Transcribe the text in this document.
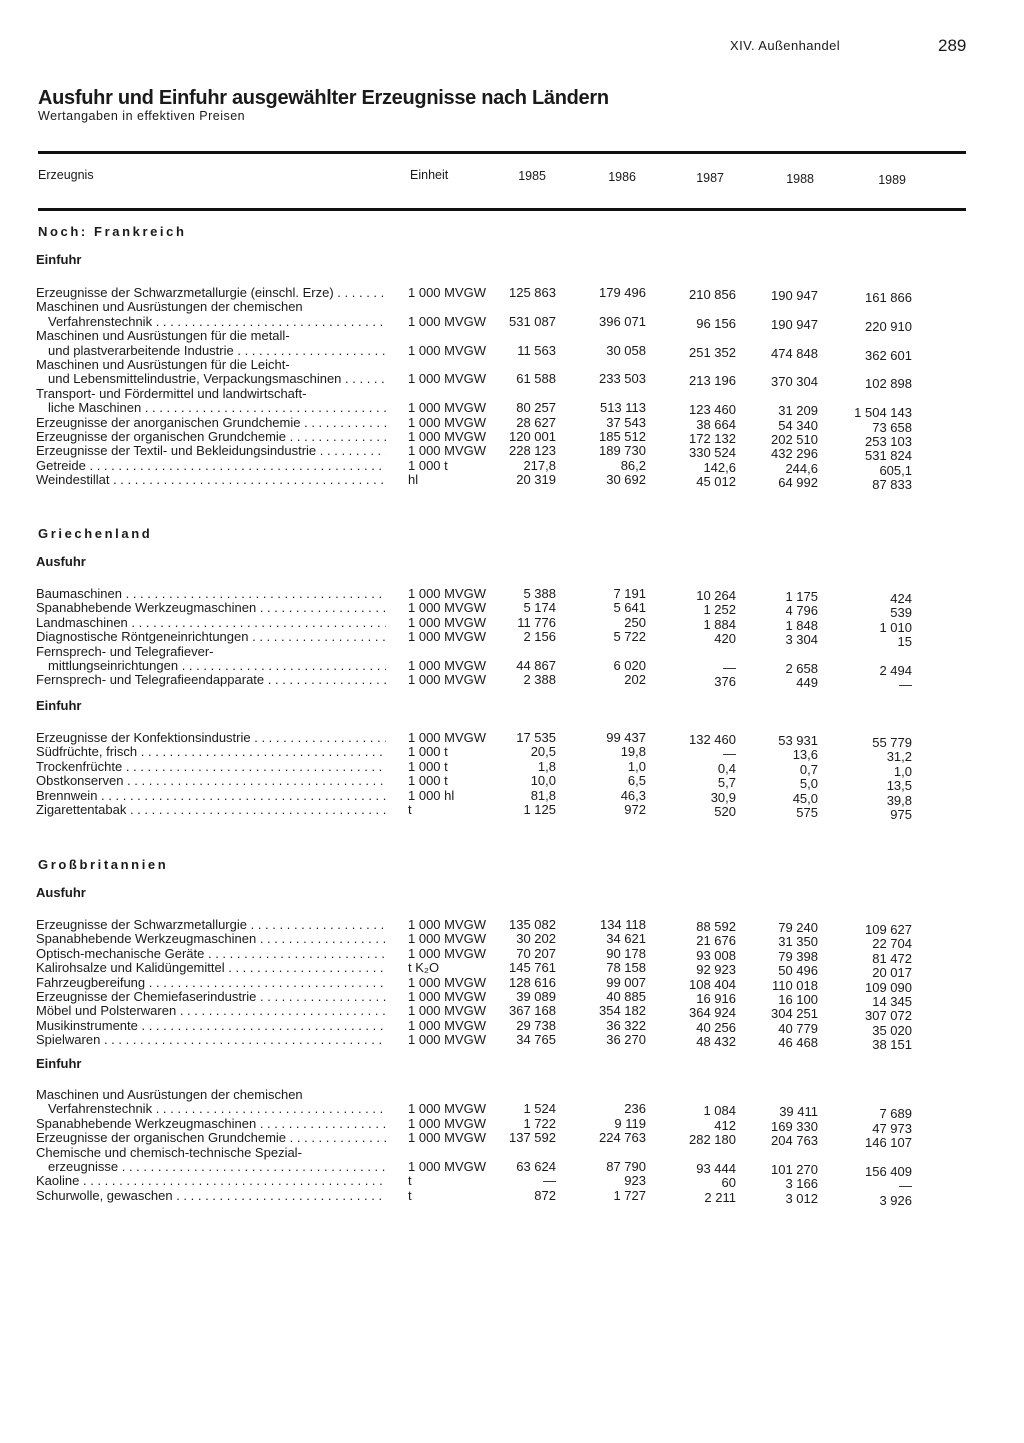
XIV. Außenhandel	289
Ausfuhr und Einfuhr ausgewählter Erzeugnisse nach Ländern
Wertangaben in effektiven Preisen
Erzeugnis	Einheit	1985	1986	1987	1988	1989
Noch: Frankreich
Einfuhr
Erzeugnisse der Schwarzmetallurgie (einschl. Erze) . . .	1 000 MVGW	125 863	179 496	210 856	190 947	161 866
Maschinen und Ausrüstungen der chemischen
Verfahrenstechnik . . .	1 000 MVGW	531 087	396 071	96 156	190 947	220 910
Maschinen und Ausrüstungen für die metall-
und plastverarbeitende Industrie . . .	1 000 MVGW	11 563	30 058	251 352	474 848	362 601
Maschinen und Ausrüstungen für die Leicht-
und Lebensmittelindustrie, Verpackungsmaschinen . . .	1 000 MVGW	61 588	233 503	213 196	370 304	102 898
Transport- und Fördermittel und landwirtschaft-
liche Maschinen . . .	1 000 MVGW	80 257	513 113	123 460	31 209	1 504 143
Erzeugnisse der anorganischen Grundchemie . . .	1 000 MVGW	28 627	37 543	38 664	54 340	73 658
Erzeugnisse der organischen Grundchemie . . .	1 000 MVGW	120 001	185 512	172 132	202 510	253 103
Erzeugnisse der Textil- und Bekleidungsindustrie . . .	1 000 MVGW	228 123	189 730	330 524	432 296	531 824
Getreide . . .	1 000 t	217,8	86,2	142,6	244,6	605,1
Weindestillat . . .	hl	20 319	30 692	45 012	64 992	87 833
Griechenland
Ausfuhr
Baumaschinen . . .	1 000 MVGW	5 388	7 191	10 264	1 175	424
Spanabhebende Werkzeugmaschinen . . .	1 000 MVGW	5 174	5 641	1 252	4 796	539
Landmaschinen . . .	1 000 MVGW	11 776	250	1 884	1 848	1 010
Diagnostische Röntgeneinrichtungen . . .	1 000 MVGW	2 156	5 722	420	3 304	15
Fernsprech- und Telegrafiever-
mittlungseinrichtungen . . .	1 000 MVGW	44 867	6 020	—	2 658	2 494
Fernsprech- und Telegrafieendapparate . . .	1 000 MVGW	2 388	202	376	449	—
Einfuhr
Erzeugnisse der Konfektionsindustrie . . .	1 000 MVGW	17 535	99 437	132 460	53 931	55 779
Südfrüchte, frisch . . .	1 000 t	20,5	19,8	—	13,6	31,2
Trockenfrüchte . . .	1 000 t	1,8	1,0	0,4	0,7	1,0
Obstkonserven . . .	1 000 t	10,0	6,5	5,7	5,0	13,5
Brennwein . . .	1 000 hl	81,8	46,3	30,9	45,0	39,8
Zigarettentabak . . .	t	1 125	972	520	575	975
Großbritannien
Ausfuhr
Erzeugnisse der Schwarzmetallurgie . . .	1 000 MVGW	135 082	134 118	88 592	79 240	109 627
Spanabhebende Werkzeugmaschinen . . .	1 000 MVGW	30 202	34 621	21 676	31 350	22 704
Optisch-mechanische Geräte . . .	1 000 MVGW	70 207	90 178	93 008	79 398	81 472
Kalirohsalze und Kalidüngemittel . . .	t K₂O	145 761	78 158	92 923	50 496	20 017
Fahrzeugbereifung . . .	1 000 MVGW	128 616	99 007	108 404	110 018	109 090
Erzeugnisse der Chemiefaserindustrie . . .	1 000 MVGW	39 089	40 885	16 916	16 100	14 345
Möbel und Polsterwaren . . .	1 000 MVGW	367 168	354 182	364 924	304 251	307 072
Musikinstrumente . . .	1 000 MVGW	29 738	36 322	40 256	40 779	35 020
Spielwaren . . .	1 000 MVGW	34 765	36 270	48 432	46 468	38 151
Einfuhr
Maschinen und Ausrüstungen der chemischen
Verfahrenstechnik . . .	1 000 MVGW	1 524	236	1 084	39 411	7 689
Spanabhebende Werkzeugmaschinen . . .	1 000 MVGW	1 722	9 119	412	169 330	47 973
Erzeugnisse der organischen Grundchemie . . .	1 000 MVGW	137 592	224 763	282 180	204 763	146 107
Chemische und chemisch-technische Spezial-
erzeugnisse . . .	1 000 MVGW	63 624	87 790	93 444	101 270	156 409
Kaoline . . .	t	—	923	60	3 166	—
Schurwolle, gewaschen . . .	t	872	1 727	2 211	3 012	3 926
